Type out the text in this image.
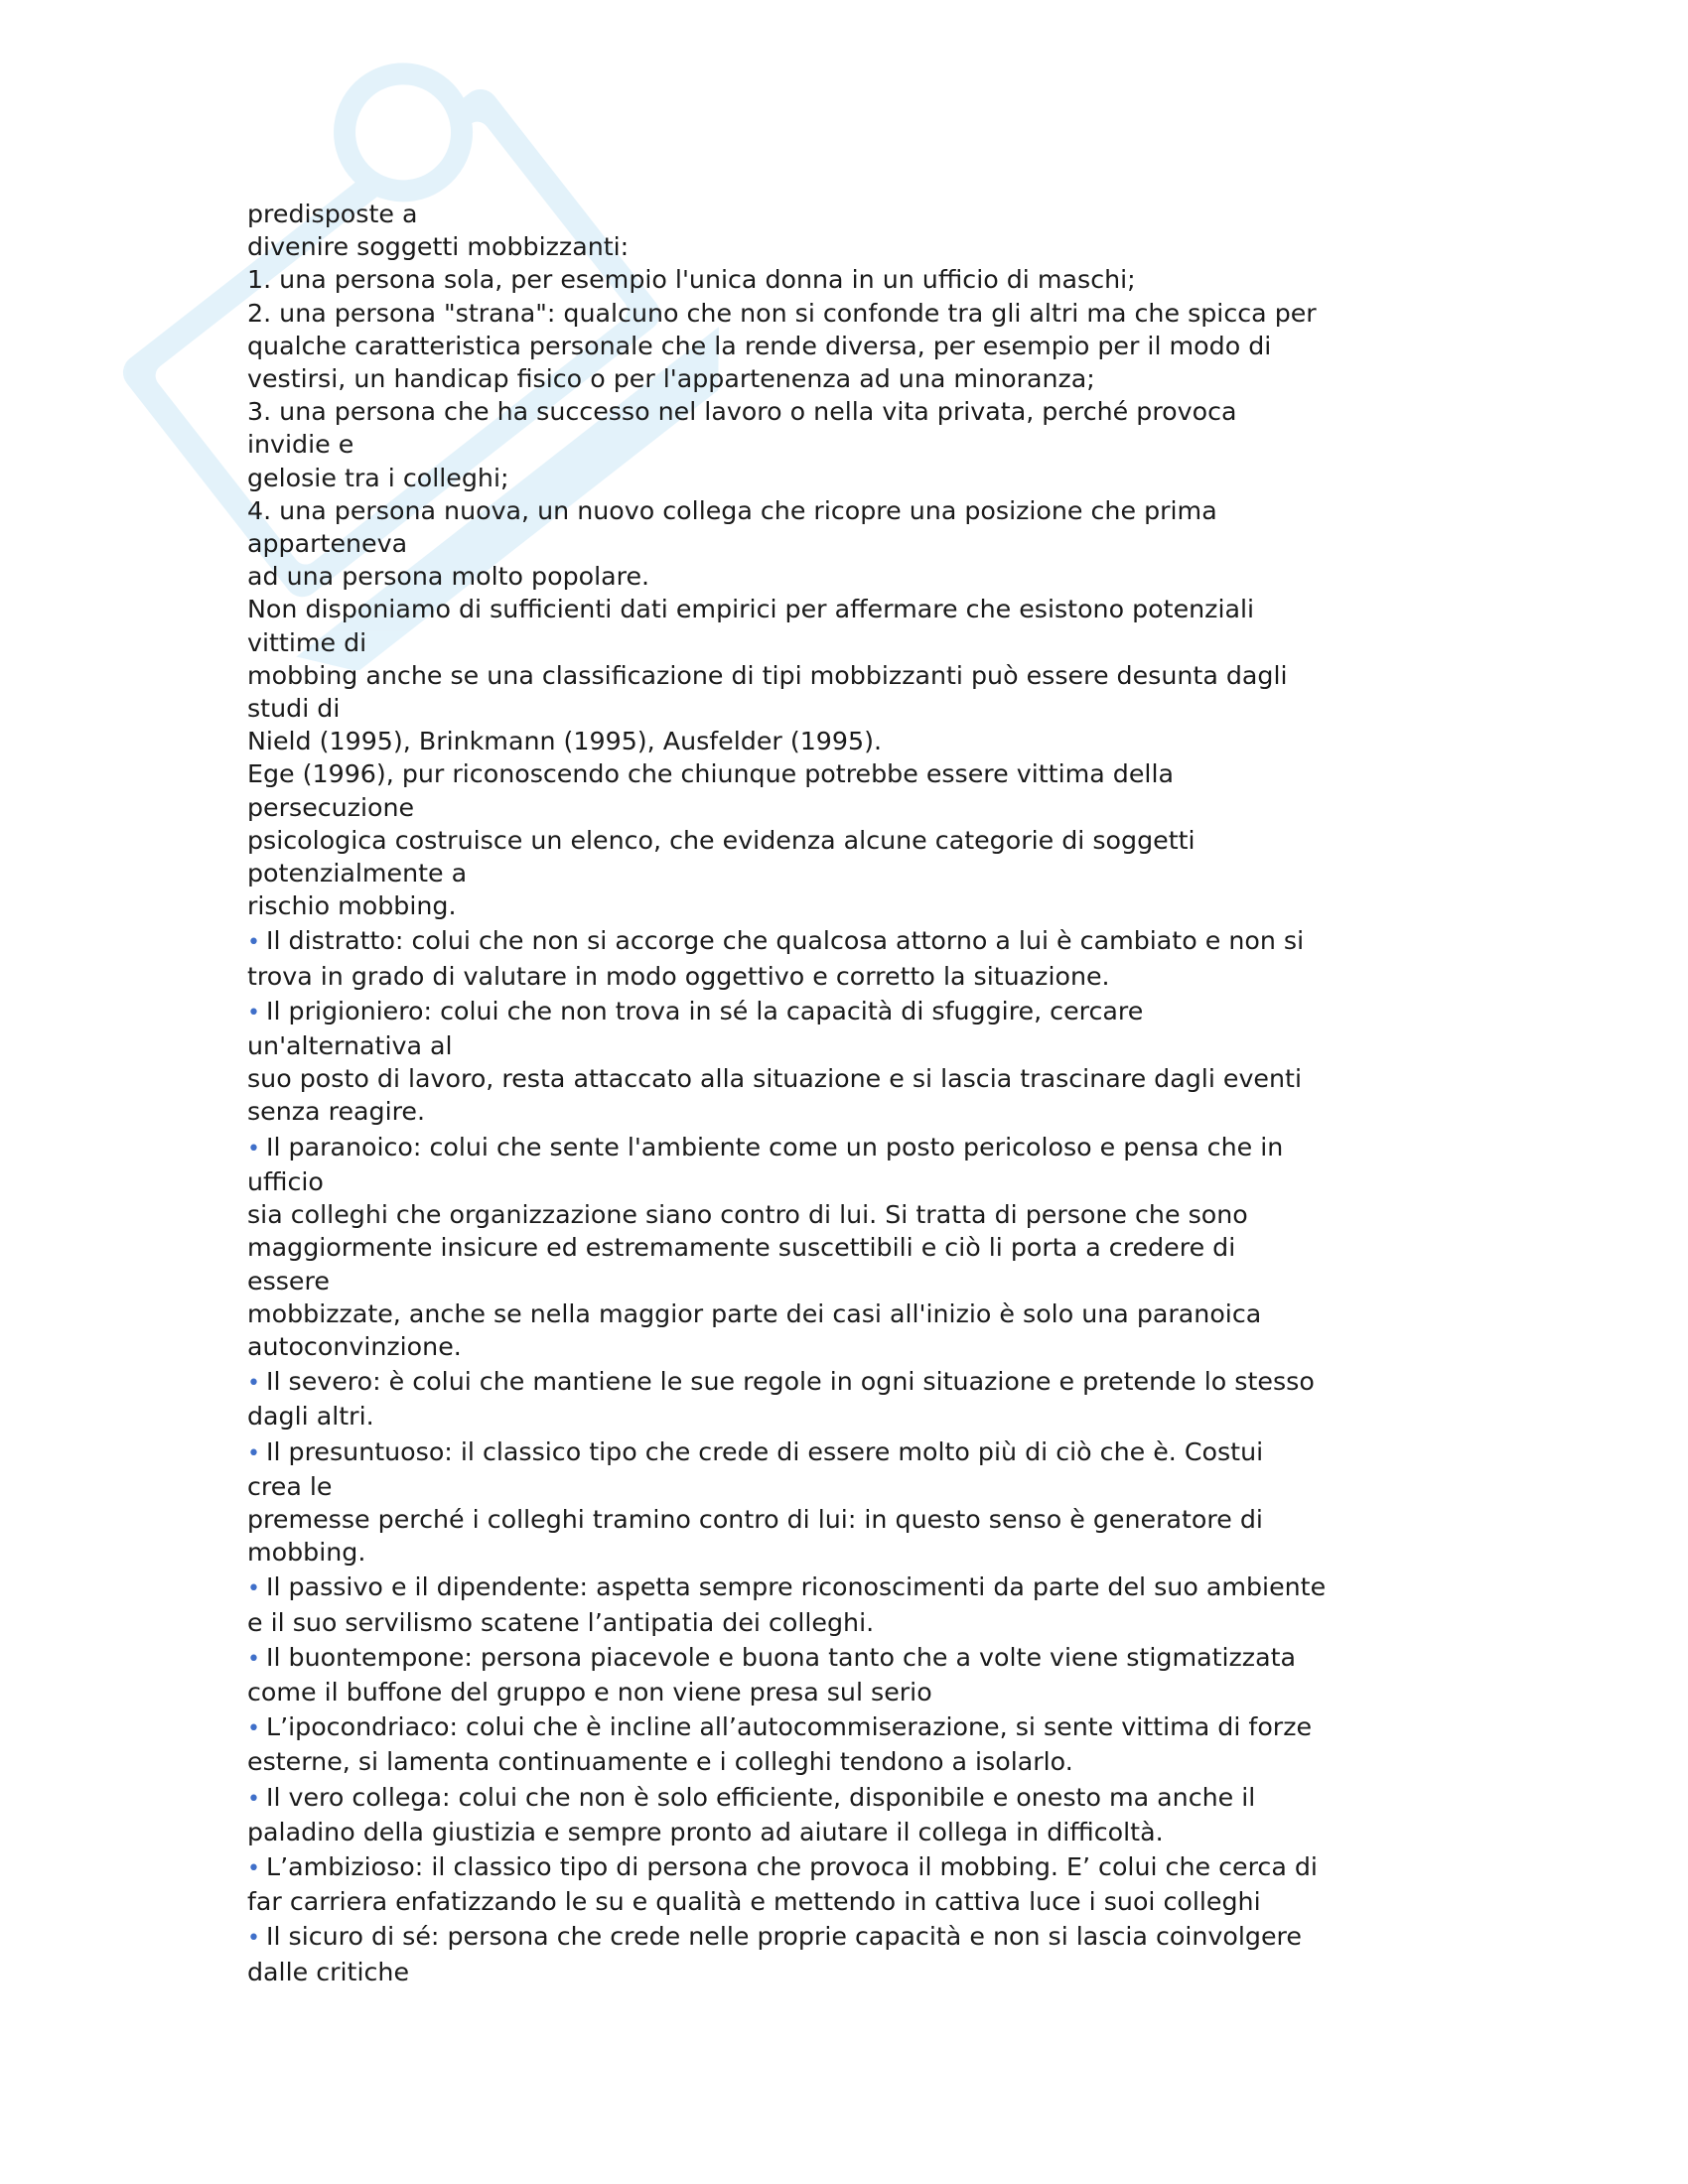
predisposte a
divenire soggetti mobbizzanti:
1. una persona sola, per esempio l'unica donna in un ufficio di maschi;
2. una persona "strana": qualcuno che non si confonde tra gli altri ma che spicca per
qualche caratteristica personale che la rende diversa, per esempio per il modo di
vestirsi, un handicap fisico o per l'appartenenza ad una minoranza;
3. una persona che ha successo nel lavoro o nella vita privata, perché provoca
invidie e
gelosie tra i colleghi;
4. una persona nuova, un nuovo collega che ricopre una posizione che prima
apparteneva
ad una persona molto popolare.
Non disponiamo di sufficienti dati empirici per affermare che esistono potenziali
vittime di
mobbing anche se una classificazione di tipi mobbizzanti può essere desunta dagli
studi di
Nield (1995), Brinkmann (1995), Ausfelder (1995).
Ege (1996), pur riconoscendo che chiunque potrebbe essere vittima della
persecuzione
psicologica costruisce un elenco, che evidenza alcune categorie di soggetti
potenzialmente a
rischio mobbing.
• Il distratto: colui che non si accorge che qualcosa attorno a lui è cambiato e non si
trova in grado di valutare in modo oggettivo e corretto la situazione.
• Il prigioniero: colui che non trova in sé la capacità di sfuggire, cercare
un'alternativa al
suo posto di lavoro, resta attaccato alla situazione e si lascia trascinare dagli eventi
senza reagire.
• Il paranoico: colui che sente l'ambiente come un posto pericoloso e pensa che in
ufficio
sia colleghi che organizzazione siano contro di lui. Si tratta di persone che sono
maggiormente insicure ed estremamente suscettibili e ciò li porta a credere di
essere
mobbizzate, anche se nella maggior parte dei casi all'inizio è solo una paranoica
autoconvinzione.
• Il severo: è colui che mantiene le sue regole in ogni situazione e pretende lo stesso
dagli altri.
• Il presuntuoso: il classico tipo che crede di essere molto più di ciò che è. Costui
crea le
premesse perché i colleghi tramino contro di lui: in questo senso è generatore di
mobbing.
• Il passivo e il dipendente: aspetta sempre riconoscimenti da parte del suo ambiente
e il suo servilismo scatene l’antipatia dei colleghi.
• Il buontempone: persona piacevole e buona tanto che a volte viene stigmatizzata
come il buffone del gruppo e non viene presa sul serio
• L’ipocondriaco: colui che è incline all’autocommiserazione, si sente vittima di forze
esterne, si lamenta continuamente e i colleghi tendono a isolarlo.
• Il vero collega: colui che non è solo efficiente, disponibile e onesto ma anche il
paladino della giustizia e sempre pronto ad aiutare il collega in difficoltà.
• L’ambizioso: il classico tipo di persona che provoca il mobbing. E’ colui che cerca di
far carriera enfatizzando le su e qualità e mettendo in cattiva luce i suoi colleghi
• Il sicuro di sé: persona che crede nelle proprie capacità e non si lascia coinvolgere
dalle critiche
